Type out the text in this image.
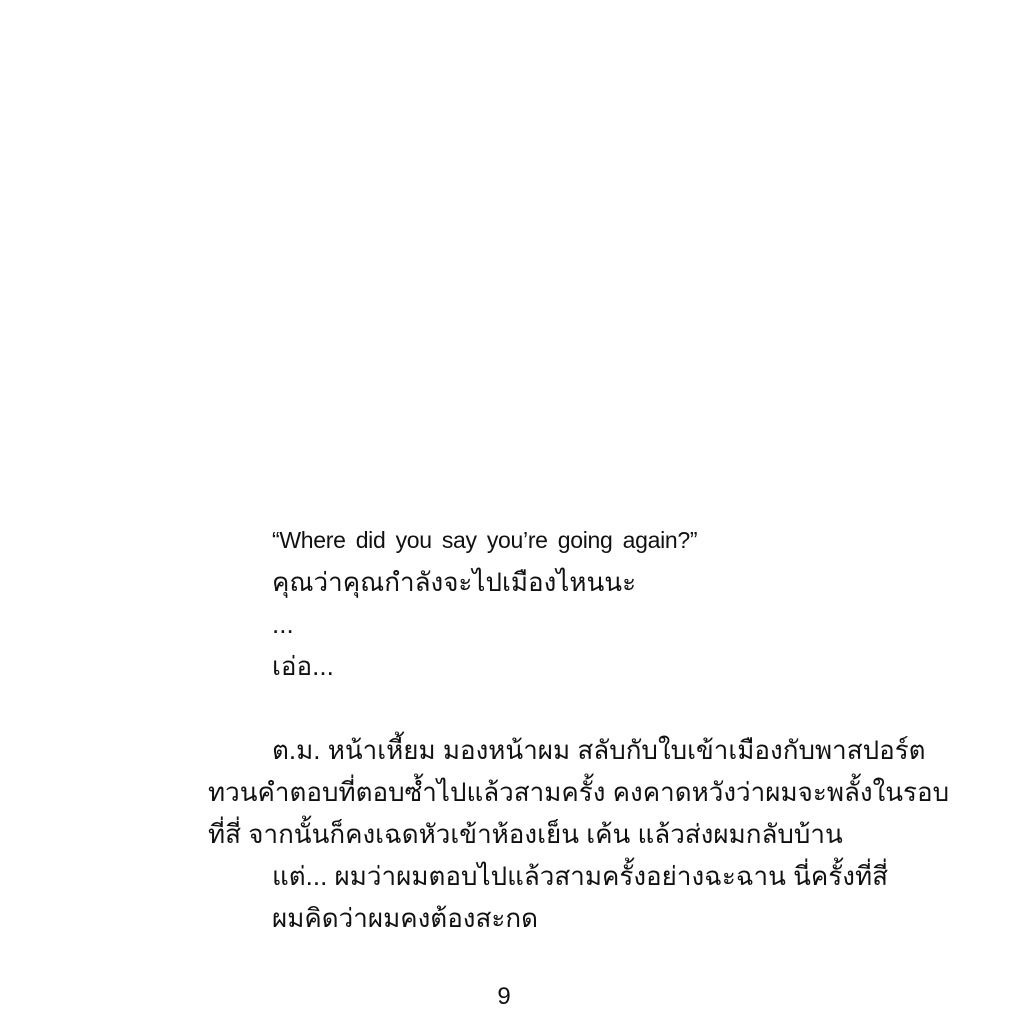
“Where did you say you’re going again?”
คุณว่าคุณกำลังจะไปเมืองไหนนะ
...
เอ่อ...
ต.ม. หน้าเหี้ยม มองหน้าผม สลับกับใบเข้าเมืองกับพาสปอร์ต
ทวนคำตอบที่ตอบซ้ำไปแล้วสามครั้ง คงคาดหวังว่าผมจะพลั้งในรอบ
ที่สี่ จากนั้นก็คงเฉดหัวเข้าห้องเย็น เค้น แล้วส่งผมกลับบ้าน
แต่... ผมว่าผมตอบไปแล้วสามครั้งอย่างฉะฉาน นี่ครั้งที่สี่
ผมคิดว่าผมคงต้องสะกด
9
